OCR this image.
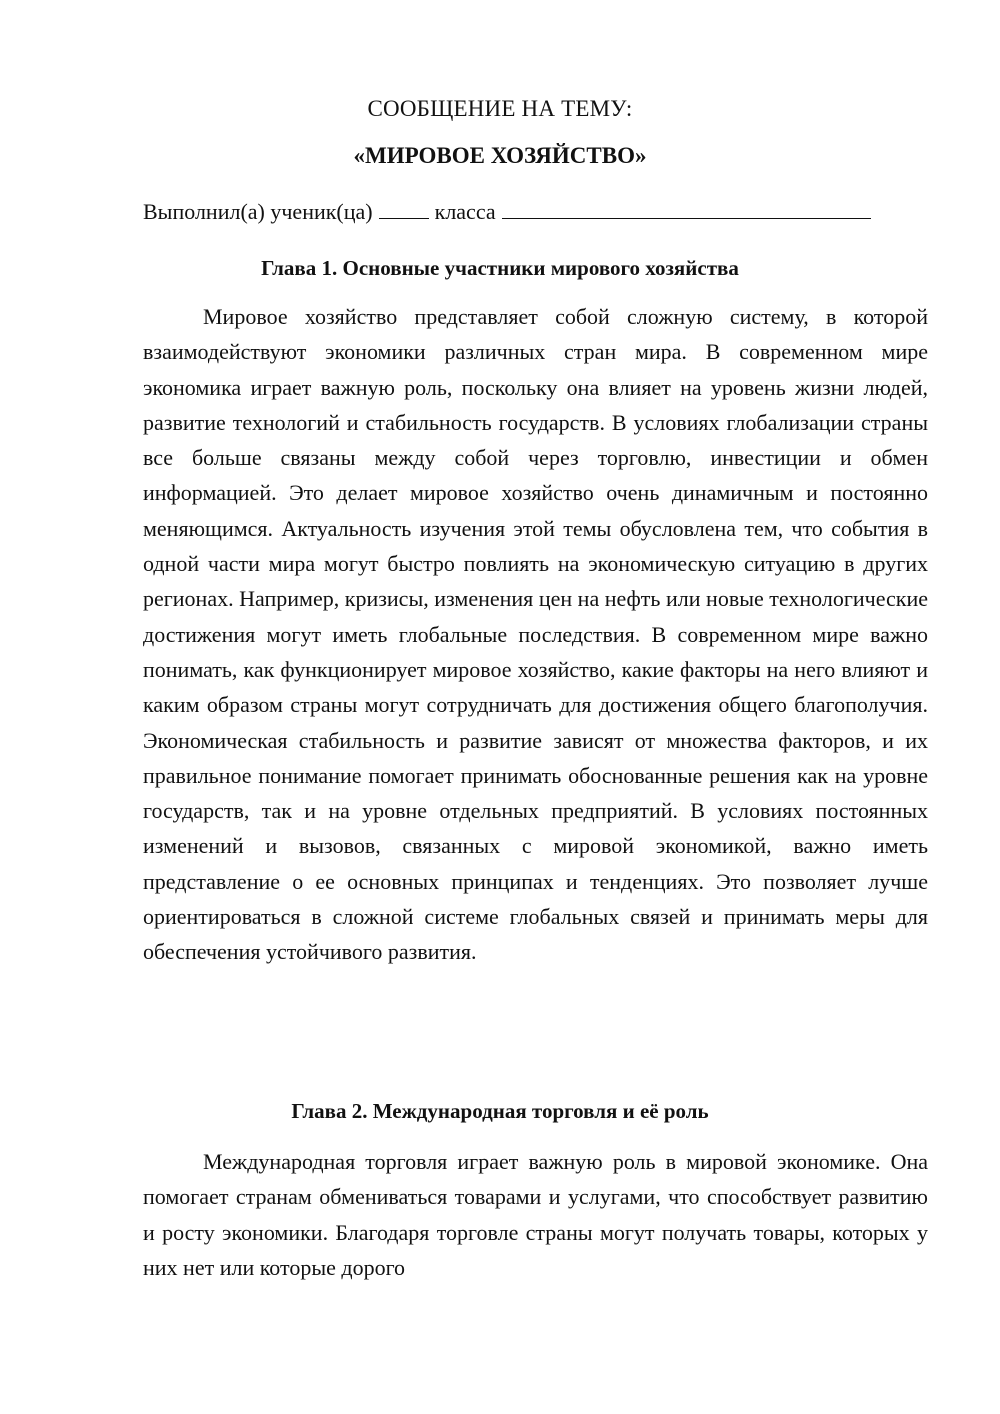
СООБЩЕНИЕ НА ТЕМУ:
«МИРОВОЕ ХОЗЯЙСТВО»
Выполнил(а) ученик(ца)	класса
Глава 1. Основные участники мирового хозяйства

Мировое хозяйство представляет собой сложную систему, в которой взаимодействуют экономики различных стран мира. В современном мире экономика играет важную роль, поскольку она влияет на уровень жизни людей, развитие технологий и стабильность государств. В условиях глобализации страны все больше связаны между собой через торговлю, инвестиции и обмен информацией. Это делает мировое хозяйство очень динамичным и постоянно меняющимся. Актуальность изучения этой темы обусловлена тем, что события в одной части мира могут быстро повлиять на экономическую ситуацию в других регионах. Например, кризисы, изменения цен на нефть или новые технологические достижения могут иметь глобальные последствия. В современном мире важно понимать, как функционирует мировое хозяйство, какие факторы на него влияют и каким образом страны могут сотрудничать для достижения общего благополучия. Экономическая стабильность и развитие зависят от множества факторов, и их правильное понимание помогает принимать обоснованные решения как на уровне государств, так и на уровне отдельных предприятий. В условиях постоянных изменений и вызовов, связанных с мировой экономикой, важно иметь представление о ее основных принципах и тенденциях. Это позволяет лучше ориентироваться в сложной системе глобальных связей и принимать меры для обеспечения устойчивого развития.

Глава 2. Международная торговля и её роль

Международная торговля играет важную роль в мировой экономике. Она помогает странам обмениваться товарами и услугами, что способствует развитию и росту экономики. Благодаря торговле страны могут получать товары, которых у них нет или которые дорого
